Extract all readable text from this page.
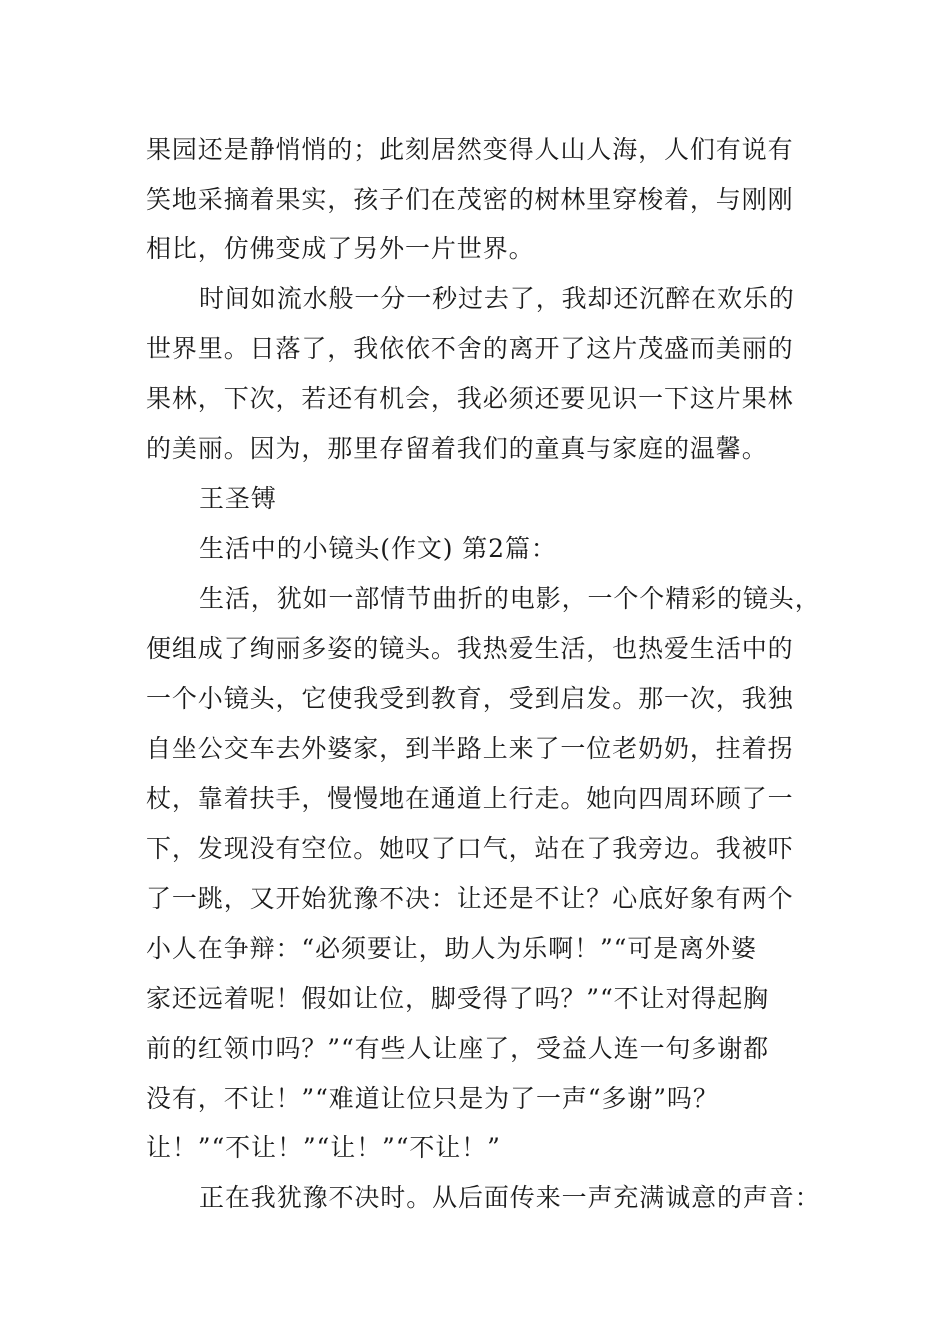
果园还是静悄悄的；此刻居然变得人山人海，人们有说有
笑地采摘着果实，孩子们在茂密的树林里穿梭着，与刚刚
相比，仿佛变成了另外一片世界。
时间如流水般一分一秒过去了，我却还沉醉在欢乐的
世界里。日落了，我依依不舍的离开了这片茂盛而美丽的
果林，下次，若还有机会，我必须还要见识一下这片果林
的美丽。因为，那里存留着我们的童真与家庭的温馨。
王圣镈
生活中的小镜头(作文) 第2篇：
生活，犹如一部情节曲折的电影，一个个精彩的镜头，
便组成了绚丽多姿的镜头。我热爱生活，也热爱生活中的
一个小镜头，它使我受到教育，受到启发。那一次，我独
自坐公交车去外婆家，到半路上来了一位老奶奶，拄着拐
杖，靠着扶手，慢慢地在通道上行走。她向四周环顾了一
下，发现没有空位。她叹了口气，站在了我旁边。我被吓
了一跳，又开始犹豫不决：让还是不让？心底好象有两个
小人在争辩：“必须要让，助人为乐啊！”“可是离外婆
家还远着呢！假如让位，脚受得了吗？”“不让对得起胸
前的红领巾吗？”“有些人让座了，受益人连一句多谢都
没有，不让！”“难道让位只是为了一声“多谢”吗？
让！”“不让！”“让！”“不让！”
正在我犹豫不决时。从后面传来一声充满诚意的声音：
